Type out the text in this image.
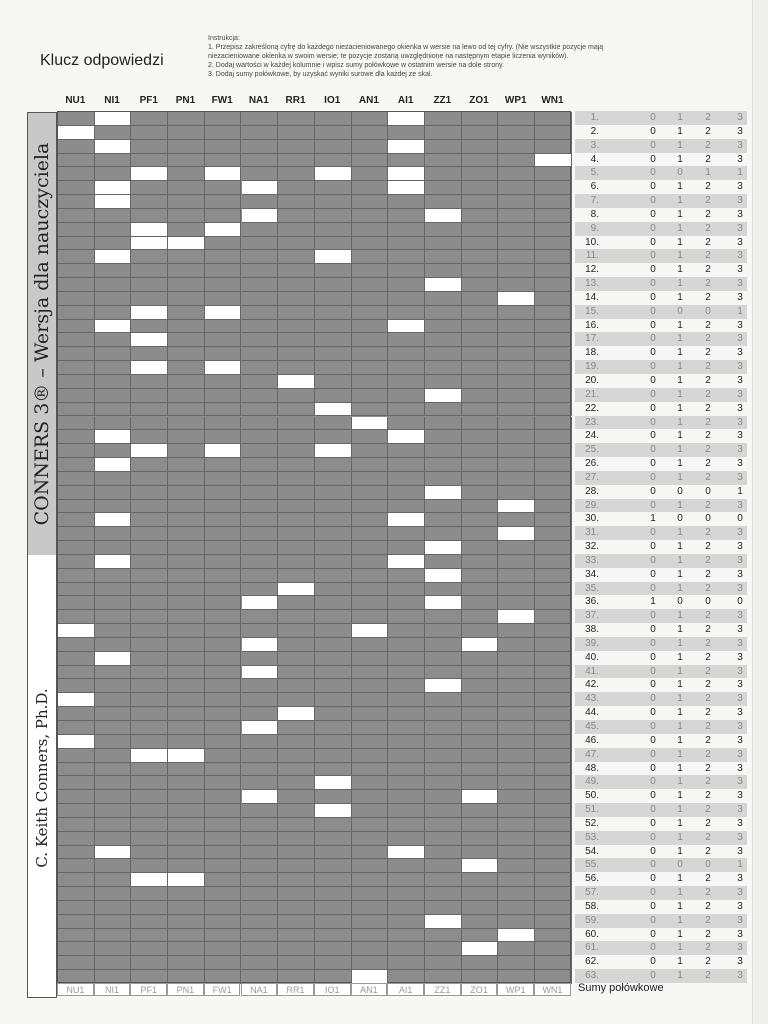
Klucz odpowiedzi
Instrukcja:
1. Przepisz zakreśloną cyfrę do każdego niezacieniowanego okienka w wersie na lewo od tej cyfry. (Nie wszystkie pozycje mają
niezacieniowane okienka w swoim wersie; te pozycje zostaną uwzględnione na następnym etapie liczenia wyników).
2. Dodaj wartości w każdej kolumnie i wpisz sumy połówkowe w ostatnim wersie na dole strony.
3. Dodaj sumy połówkowe, by uzyskać wyniki surowe dla każdej ze skal.
CONNERS 3® – Wersja dla nauczyciela
C. Keith Conners, Ph.D.
NU1	NI1	PF1	PN1	FW1	NA1	RR1	IO1	AN1	AI1	ZZ1	ZO1	WP1	WN1
NU1	NI1	PF1	PN1	FW1	NA1	RR1	IO1	AN1	AI1	ZZ1	ZO1	WP1	WN1
1.	0	1	2	3
2.	0	1	2	3
3.	0	1	2	3
4.	0	1	2	3
5.	0	0	1	1
6.	0	1	2	3
7.	0	1	2	3
8.	0	1	2	3
9.	0	1	2	3
10.	0	1	2	3
11.	0	1	2	3
12.	0	1	2	3
13.	0	1	2	3
14.	0	1	2	3
15.	0	0	0	1
16.	0	1	2	3
17.	0	1	2	3
18.	0	1	2	3
19.	0	1	2	3
20.	0	1	2	3
21.	0	1	2	3
22.	0	1	2	3
23.	0	1	2	3
24.	0	1	2	3
25.	0	1	2	3
26.	0	1	2	3
27.	0	1	2	3
28.	0	0	0	1
29.	0	1	2	3
30.	1	0	0	0
31.	0	1	2	3
32.	0	1	2	3
33.	0	1	2	3
34.	0	1	2	3
35.	0	1	2	3
36.	1	0	0	0
37.	0	1	2	3
38.	0	1	2	3
39.	0	1	2	3
40.	0	1	2	3
41.	0	1	2	3
42.	0	1	2	3
43.	0	1	2	3
44.	0	1	2	3
45.	0	1	2	3
46.	0	1	2	3
47.	0	1	2	3
48.	0	1	2	3
49.	0	1	2	3
50.	0	1	2	3
51.	0	1	2	3
52.	0	1	2	3
53.	0	1	2	3
54.	0	1	2	3
55.	0	0	0	1
56.	0	1	2	3
57.	0	1	2	3
58.	0	1	2	3
59.	0	1	2	3
60.	0	1	2	3
61.	0	1	2	3
62.	0	1	2	3
63.	0	1	2	3
Sumy połówkowe
